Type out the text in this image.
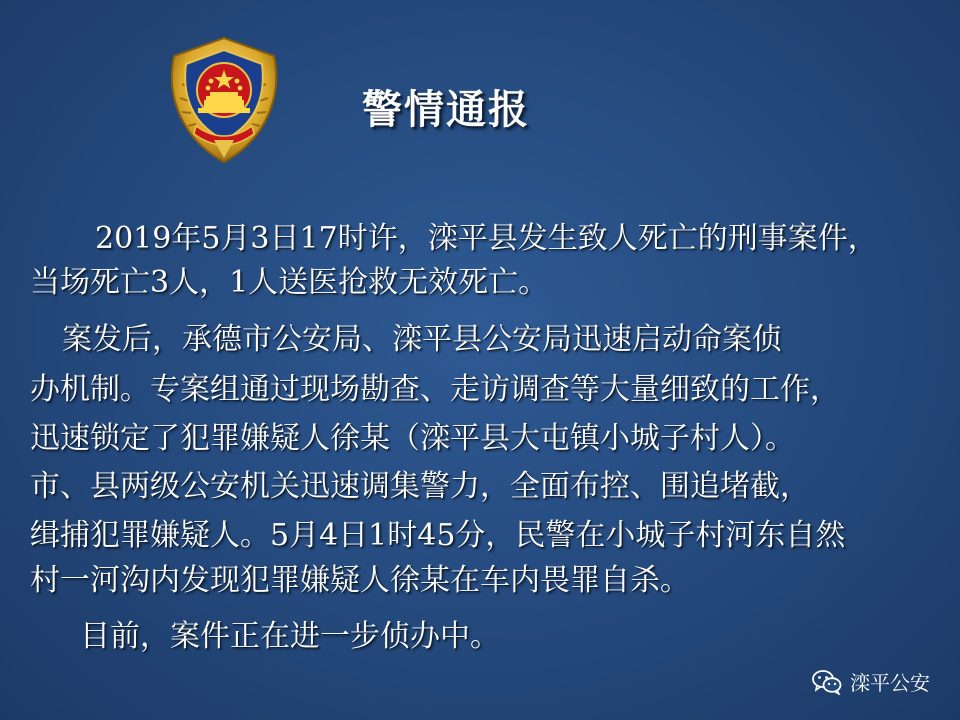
警情通报
2019年5月3日17时许，滦平县发生致人死亡的刑事案件，
当场死亡3人，1人送医抢救无效死亡。
案发后，承德市公安局、滦平县公安局迅速启动命案侦
办机制。专案组通过现场勘查、走访调查等大量细致的工作，
迅速锁定了犯罪嫌疑人徐某（滦平县大屯镇小城子村人）。
市、县两级公安机关迅速调集警力，全面布控、围追堵截，
缉捕犯罪嫌疑人。5月4日1时45分，民警在小城子村河东自然
村一河沟内发现犯罪嫌疑人徐某在车内畏罪自杀。
目前，案件正在进一步侦办中。
滦平公安
